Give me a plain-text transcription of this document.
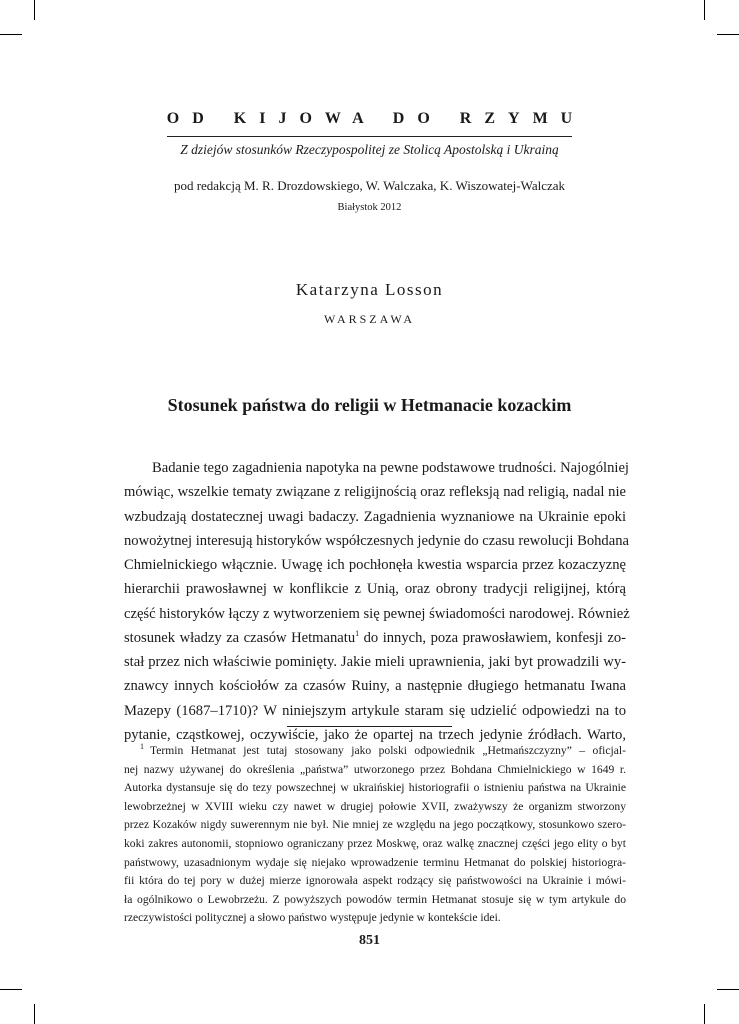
OD KIJOWA DO RZYMU
Z dziejów stosunków Rzeczypospolitej ze Stolicą Apostolską i Ukrainą
pod redakcją M. R. Drozdowskiego, W. Walczaka, K. Wiszowatej-Walczak
Białystok 2012
Katarzyna Losson
WARSZAWA
Stosunek państwa do religii w Hetmanacie kozackim
Badanie tego zagadnienia napotyka na pewne podstawowe trudności. Najogólniej
mówiąc, wszelkie tematy związane z religijnością oraz refleksją nad religią, nadal nie
wzbudzają dostatecznej uwagi badaczy. Zagadnienia wyznaniowe na Ukrainie epoki
nowożytnej interesują historyków współczesnych jedynie do czasu rewolucji Bohdana
Chmielnickiego włącznie. Uwagę ich pochłonęła kwestia wsparcia przez kozaczyznę
hierarchii prawosławnej w konflikcie z Unią, oraz obrony tradycji religijnej, którą
część historyków łączy z wytworzeniem się pewnej świadomości narodowej. Również
stosunek władzy za czasów Hetmanatu$^1$ do innych, poza prawosławiem, konfesji zo-
stał przez nich właściwie pominięty. Jakie mieli uprawnienia, jaki byt prowadzili wy-
znawcy innych kościołów za czasów Ruiny, a następnie długiego hetmanatu Iwana
Mazepy (1687–1710)? W niniejszym artykule staram się udzielić odpowiedzi na to
pytanie, cząstkowej, oczywiście, jako że opartej na trzech jedynie źródłach. Warto,
$^1$ Termin Hetmanat jest tutaj stosowany jako polski odpowiednik „Hetmańszczyzny” – oficjal-
nej nazwy używanej do określenia „państwa” utworzonego przez Bohdana Chmielnickiego w 1649 r.
Autorka dystansuje się do tezy powszechnej w ukraińskiej historiografii o istnieniu państwa na Ukrainie
lewobrzeżnej w XVIII wieku czy nawet w drugiej połowie XVII, zważywszy że organizm stworzony
przez Kozaków nigdy suwerennym nie był. Nie mniej ze względu na jego początkowy, stosunkowo szero-
koki zakres autonomii, stopniowo ograniczany przez Moskwę, oraz walkę znacznej części jego elity o byt
państwowy, uzasadnionym wydaje się niejako wprowadzenie terminu Hetmanat do polskiej historiogra-
fii która do tej pory w dużej mierze ignorowała aspekt rodzący się państwowości na Ukrainie i mówi-
ła ogólnikowo o Lewobrzeżu. Z powyższych powodów termin Hetmanat stosuje się w tym artykule do
rzeczywistości politycznej a słowo państwo występuje jedynie w kontekście idei.
851
